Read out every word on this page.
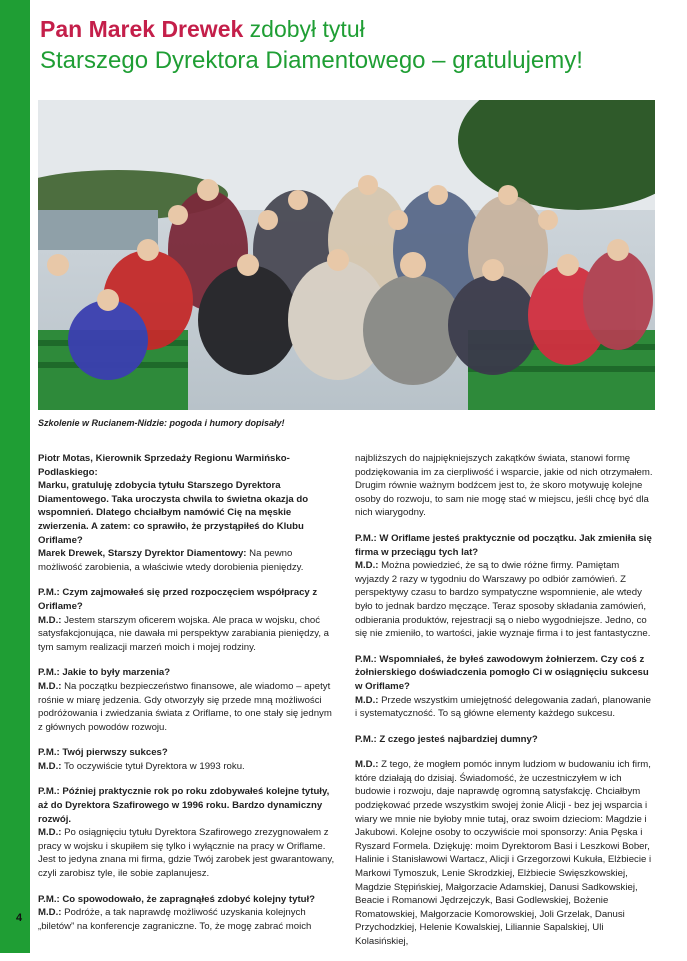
4
Pan Marek Drewek zdobył tytuł
Starszego Dyrektora Diamentowego – gratulujemy!
Szkolenie w Rucianem-Nidzie: pogoda i humory dopisały!

Piotr Motas, Kierownik Sprzedaży Regionu Warmińsko-Podlaskiego:
Marku, gratuluję zdobycia tytułu Starszego Dyrektora Diamentowego. Taka uroczysta chwila to świetna okazja do wspomnień. Dlatego chciałbym namówić Cię na męskie zwierzenia. A zatem: co sprawiło, że przystąpiłeś do Klubu Oriflame?
Marek Drewek, Starszy Dyrektor Diamentowy: Na pewno możliwość zarobienia, a właściwie wtedy dorobienia pieniędzy.

P.M.: Czym zajmowałeś się przed rozpoczęciem współpracy z Oriflame?
M.D.: Jestem starszym oficerem wojska. Ale praca w wojsku, choć satysfakcjonująca, nie dawała mi perspektyw zarabiania pieniędzy, a tym samym realizacji marzeń moich i mojej rodziny.

P.M.: Jakie to były marzenia?
M.D.: Na początku bezpieczeństwo finansowe, ale wiadomo – apetyt rośnie w miarę jedzenia. Gdy otworzyły się przede mną możliwości podróżowania i zwiedzania świata z Oriflame, to one stały się jednym z głównych powodów rozwoju.

P.M.: Twój pierwszy sukces?
M.D.: To oczywiście tytuł Dyrektora w 1993 roku.

P.M.: Później praktycznie rok po roku zdobywałeś kolejne tytuły, aż do Dyrektora Szafirowego w 1996 roku. Bardzo dynamiczny rozwój.
M.D.: Po osiągnięciu tytułu Dyrektora Szafirowego zrezygnowałem z pracy w wojsku i skupiłem się tylko i wyłącznie na pracy w Oriflame. Jest to jedyna znana mi firma, gdzie Twój zarobek jest gwarantowany, czyli zarobisz tyle, ile sobie zaplanujesz.

P.M.: Co spowodowało, że zapragnąłeś zdobyć kolejny tytuł?
M.D.: Podróże, a tak naprawdę możliwość uzyskania kolejnych „biletów” na konferencje zagraniczne. To, że mogę zabrać moich

najbliższych do najpiękniejszych zakątków świata, stanowi formę podziękowania im za cierpliwość i wsparcie, jakie od nich otrzymałem. Drugim równie ważnym bodźcem jest to, że skoro motywuję kolejne osoby do rozwoju, to sam nie mogę stać w miejscu, jeśli chcę być dla nich wiarygodny.

P.M.: W Oriflame jesteś praktycznie od początku. Jak zmieniła się firma w przeciągu tych lat?
M.D.: Można powiedzieć, że są to dwie różne firmy. Pamiętam wyjazdy 2 razy w tygodniu do Warszawy po odbiór zamówień. Z perspektywy czasu to bardzo sympatyczne wspomnienie, ale wtedy było to jednak bardzo męczące. Teraz sposoby składania zamówień, odbierania produktów, rejestracji są o niebo wygodniejsze. Jedno, co się nie zmieniło, to wartości, jakie wyznaje firma i to jest fantastyczne.

P.M.: Wspomniałeś, że byłeś zawodowym żołnierzem. Czy coś z żołnierskiego doświadczenia pomogło Ci w osiągnięciu sukcesu w Oriflame?
M.D.: Przede wszystkim umiejętność delegowania zadań, planowanie i systematyczność. To są główne elementy każdego sukcesu.

P.M.: Z czego jesteś najbardziej dumny?

M.D.: Z tego, że mogłem pomóc innym ludziom w budowaniu ich firm, które działają do dzisiaj. Świadomość, że uczestniczyłem w ich budowie i rozwoju, daje naprawdę ogromną satysfakcję. Chciałbym podziękować przede wszystkim swojej żonie Alicji - bez jej wsparcia i wiary we mnie nie byłoby mnie tutaj, oraz swoim dzieciom: Magdzie i Jakubowi. Kolejne osoby to oczywiście moi sponsorzy: Ania Pęska i Ryszard Formela. Dziękuję: moim Dyrektorom Basi i Leszkowi Bober, Halinie i Stanisławowi Wartacz, Alicji i Grzegorzowi Kukuła, Elżbiecie i Markowi Tymoszuk, Lenie Skrodzkiej, Elżbiecie Swięszkowskiej, Magdzie Stępińskiej, Małgorzacie Adamskiej, Danusi Sadkowskiej, Beacie i Romanowi Jędrzejczyk, Basi Godlewskiej, Bożenie Romatowskiej, Małgorzacie Komorowskiej, Joli Grzelak, Danusi Przychodzkiej, Helenie Kowalskiej, Liliannie Sapalskiej, Uli Kolasińskiej,
